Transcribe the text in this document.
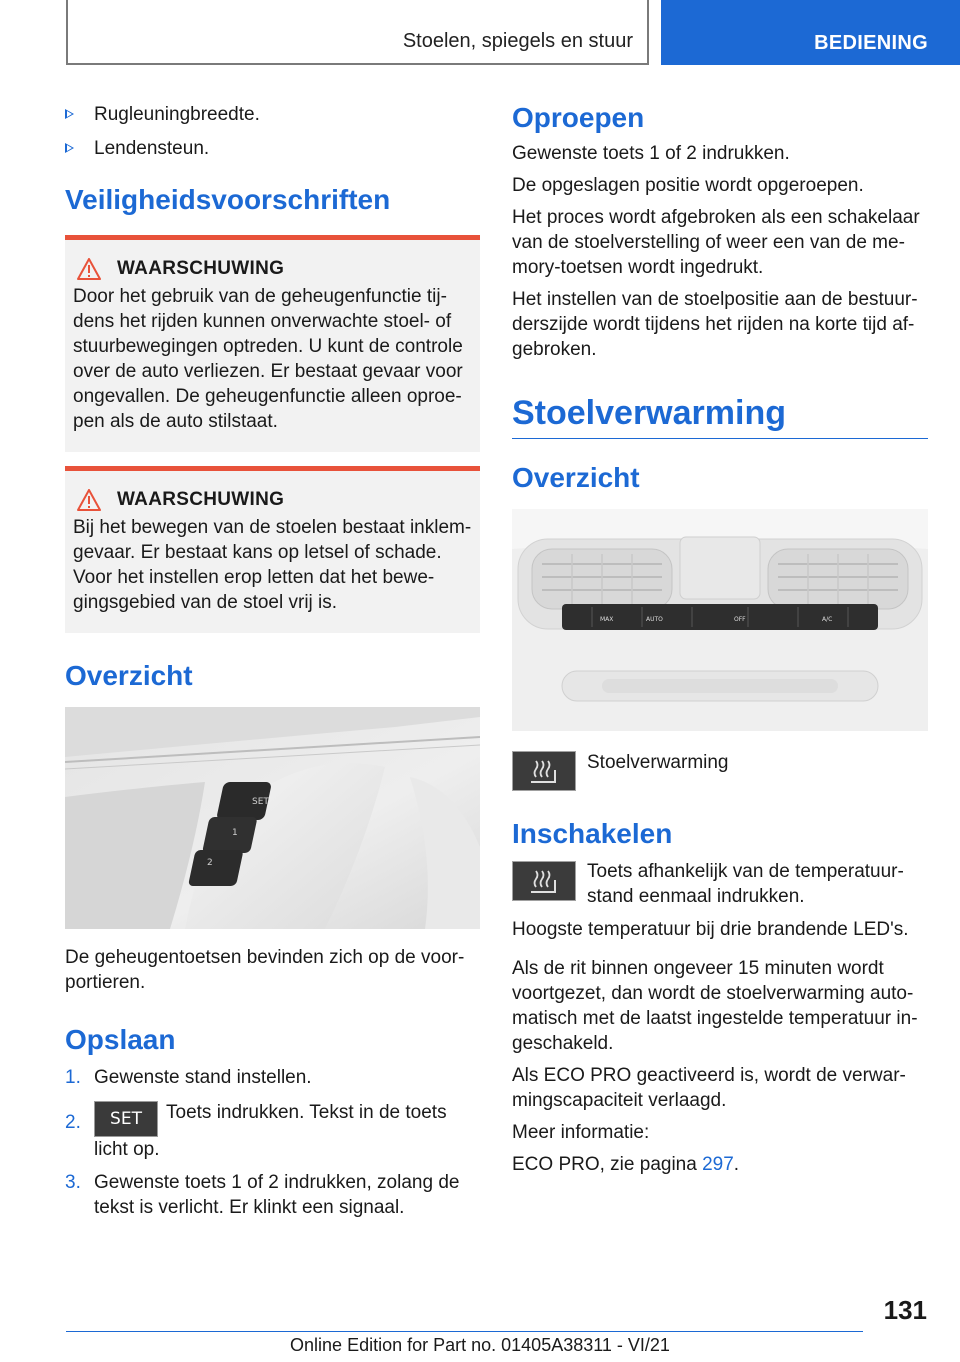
Stoelen, spiegels en stuur	BEDIENING
Rugleuningbreedte.
Lendensteun.
Veiligheidsvoorschriften
WAARSCHUWING

Door het gebruik van de geheugenfunctie tijdens het rijden kunnen onverwachte stoel- of stuurbewegingen optreden. U kunt de controle over de auto verliezen. Er bestaat gevaar voor ongevallen. De geheugenfunctie alleen oproepen als de auto stilstaat.

WAARSCHUWING

Bij het bewegen van de stoelen bestaat inklemgevaar. Er bestaat kans op letsel of schade. Voor het instellen erop letten dat het bewegingsgebied van de stoel vrij is.

Overzicht
SET
1
2

De geheugentoetsen bevinden zich op de voorportieren.

Opslaan
1. Gewenste stand instellen.
2. SET Toets indrukken. Tekst in de toets licht op.
3. Gewenste toets 1 of 2 indrukken, zolang de tekst is verlicht. Er klinkt een signaal.
Oproepen

Gewenste toets 1 of 2 indrukken.

De opgeslagen positie wordt opgeroepen.

Het proces wordt afgebroken als een schakelaar van de stoelverstelling of weer een van de memory-toetsen wordt ingedrukt.

Het instellen van de stoelpositie aan de bestuurderszijde wordt tijdens het rijden na korte tijd afgebroken.

Stoelverwarming
Overzicht
MAX	AUTO	OFF	A/C

Stoelverwarming

Inschakelen

Toets afhankelijk van de temperatuurstand eenmaal indrukken.

Hoogste temperatuur bij drie brandende LED's.

Als de rit binnen ongeveer 15 minuten wordt voortgezet, dan wordt de stoelverwarming automatisch met de laatst ingestelde temperatuur ingeschakeld.

Als ECO PRO geactiveerd is, wordt de verwarmingscapaciteit verlaagd.

Meer informatie:

ECO PRO, zie pagina 297.

131
Online Edition for Part no. 01405A38311 - VI/21
